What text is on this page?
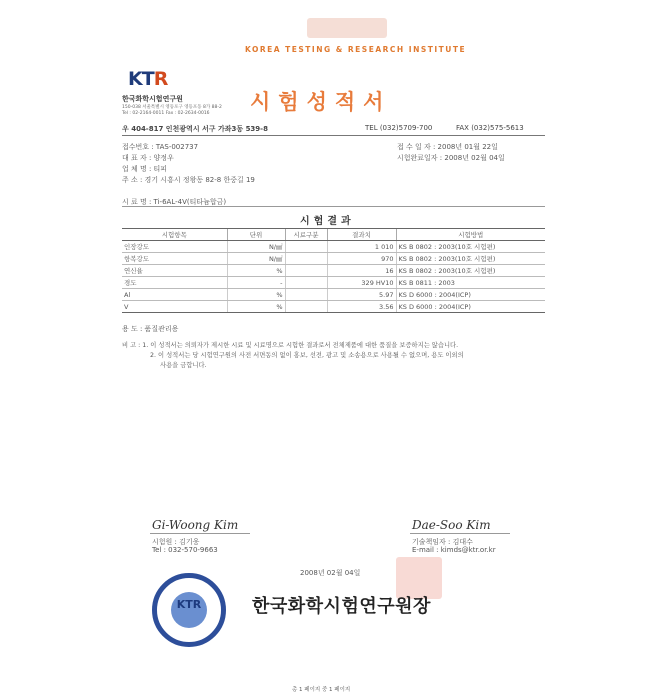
KOREA TESTING & RESEARCH INSTITUTE
시험성적서
KTR
한국화학시험연구원
150-038 서울특별시 영등포구 영등포동 8가 88-2
Tel : 02-2164-0011 Fax : 02-2634-0016
우 404-817 인천광역시 서구 가좌3동 539-8	TEL (032)5709-700	FAX (032)575-5613
접수번호 : TAS-002737
대 표 자 : 양정우
업 체 명 : 티피
주 소 : 경기 시흥시 정왕동 82-8 한중길 19
접 수 일 자 : 2008년 01월 22일
시험완료일자 : 2008년 02월 04일
시 료 명 : Ti-6AL-4V(티타늄합금)
시험결과
시험항목	단위	시료구분	결과치	시험방법
인장강도	N/㎟		1 010	KS B 0802 : 2003(10호 시험편)
항복강도	N/㎟		970	KS B 0802 : 2003(10호 시험편)
연신율	%		16	KS B 0802 : 2003(10호 시험편)
경도	-		329 HV10	KS B 0811 : 2003
Al	%		5.97	KS D 6000 : 2004(ICP)
V	%		3.56	KS D 6000 : 2004(ICP)
용 도 : 품질관리용
비 고 : 1. 이 성적서는 의뢰자가 제시한 시료 및 시료명으로 시험한 결과로서 전체제품에 대한 품질을 보증하지는 않습니다.
2. 이 성적서는 당 시험연구원의 사전 서면동의 없이 홍보, 선전, 광고 및 소송용으로 사용될 수 없으며, 용도 이외의
사용을 금합니다.
Gi-Woong Kim
시험원 : 김기웅
Tel : 032-570-9663
Dae-Soo Kim
기술책임자 : 김대수
E-mail : kimds@ktr.or.kr
2008년 02월 04일
KTR	한국화학시험연구원장
총 1 페이지 중 1 페이지
